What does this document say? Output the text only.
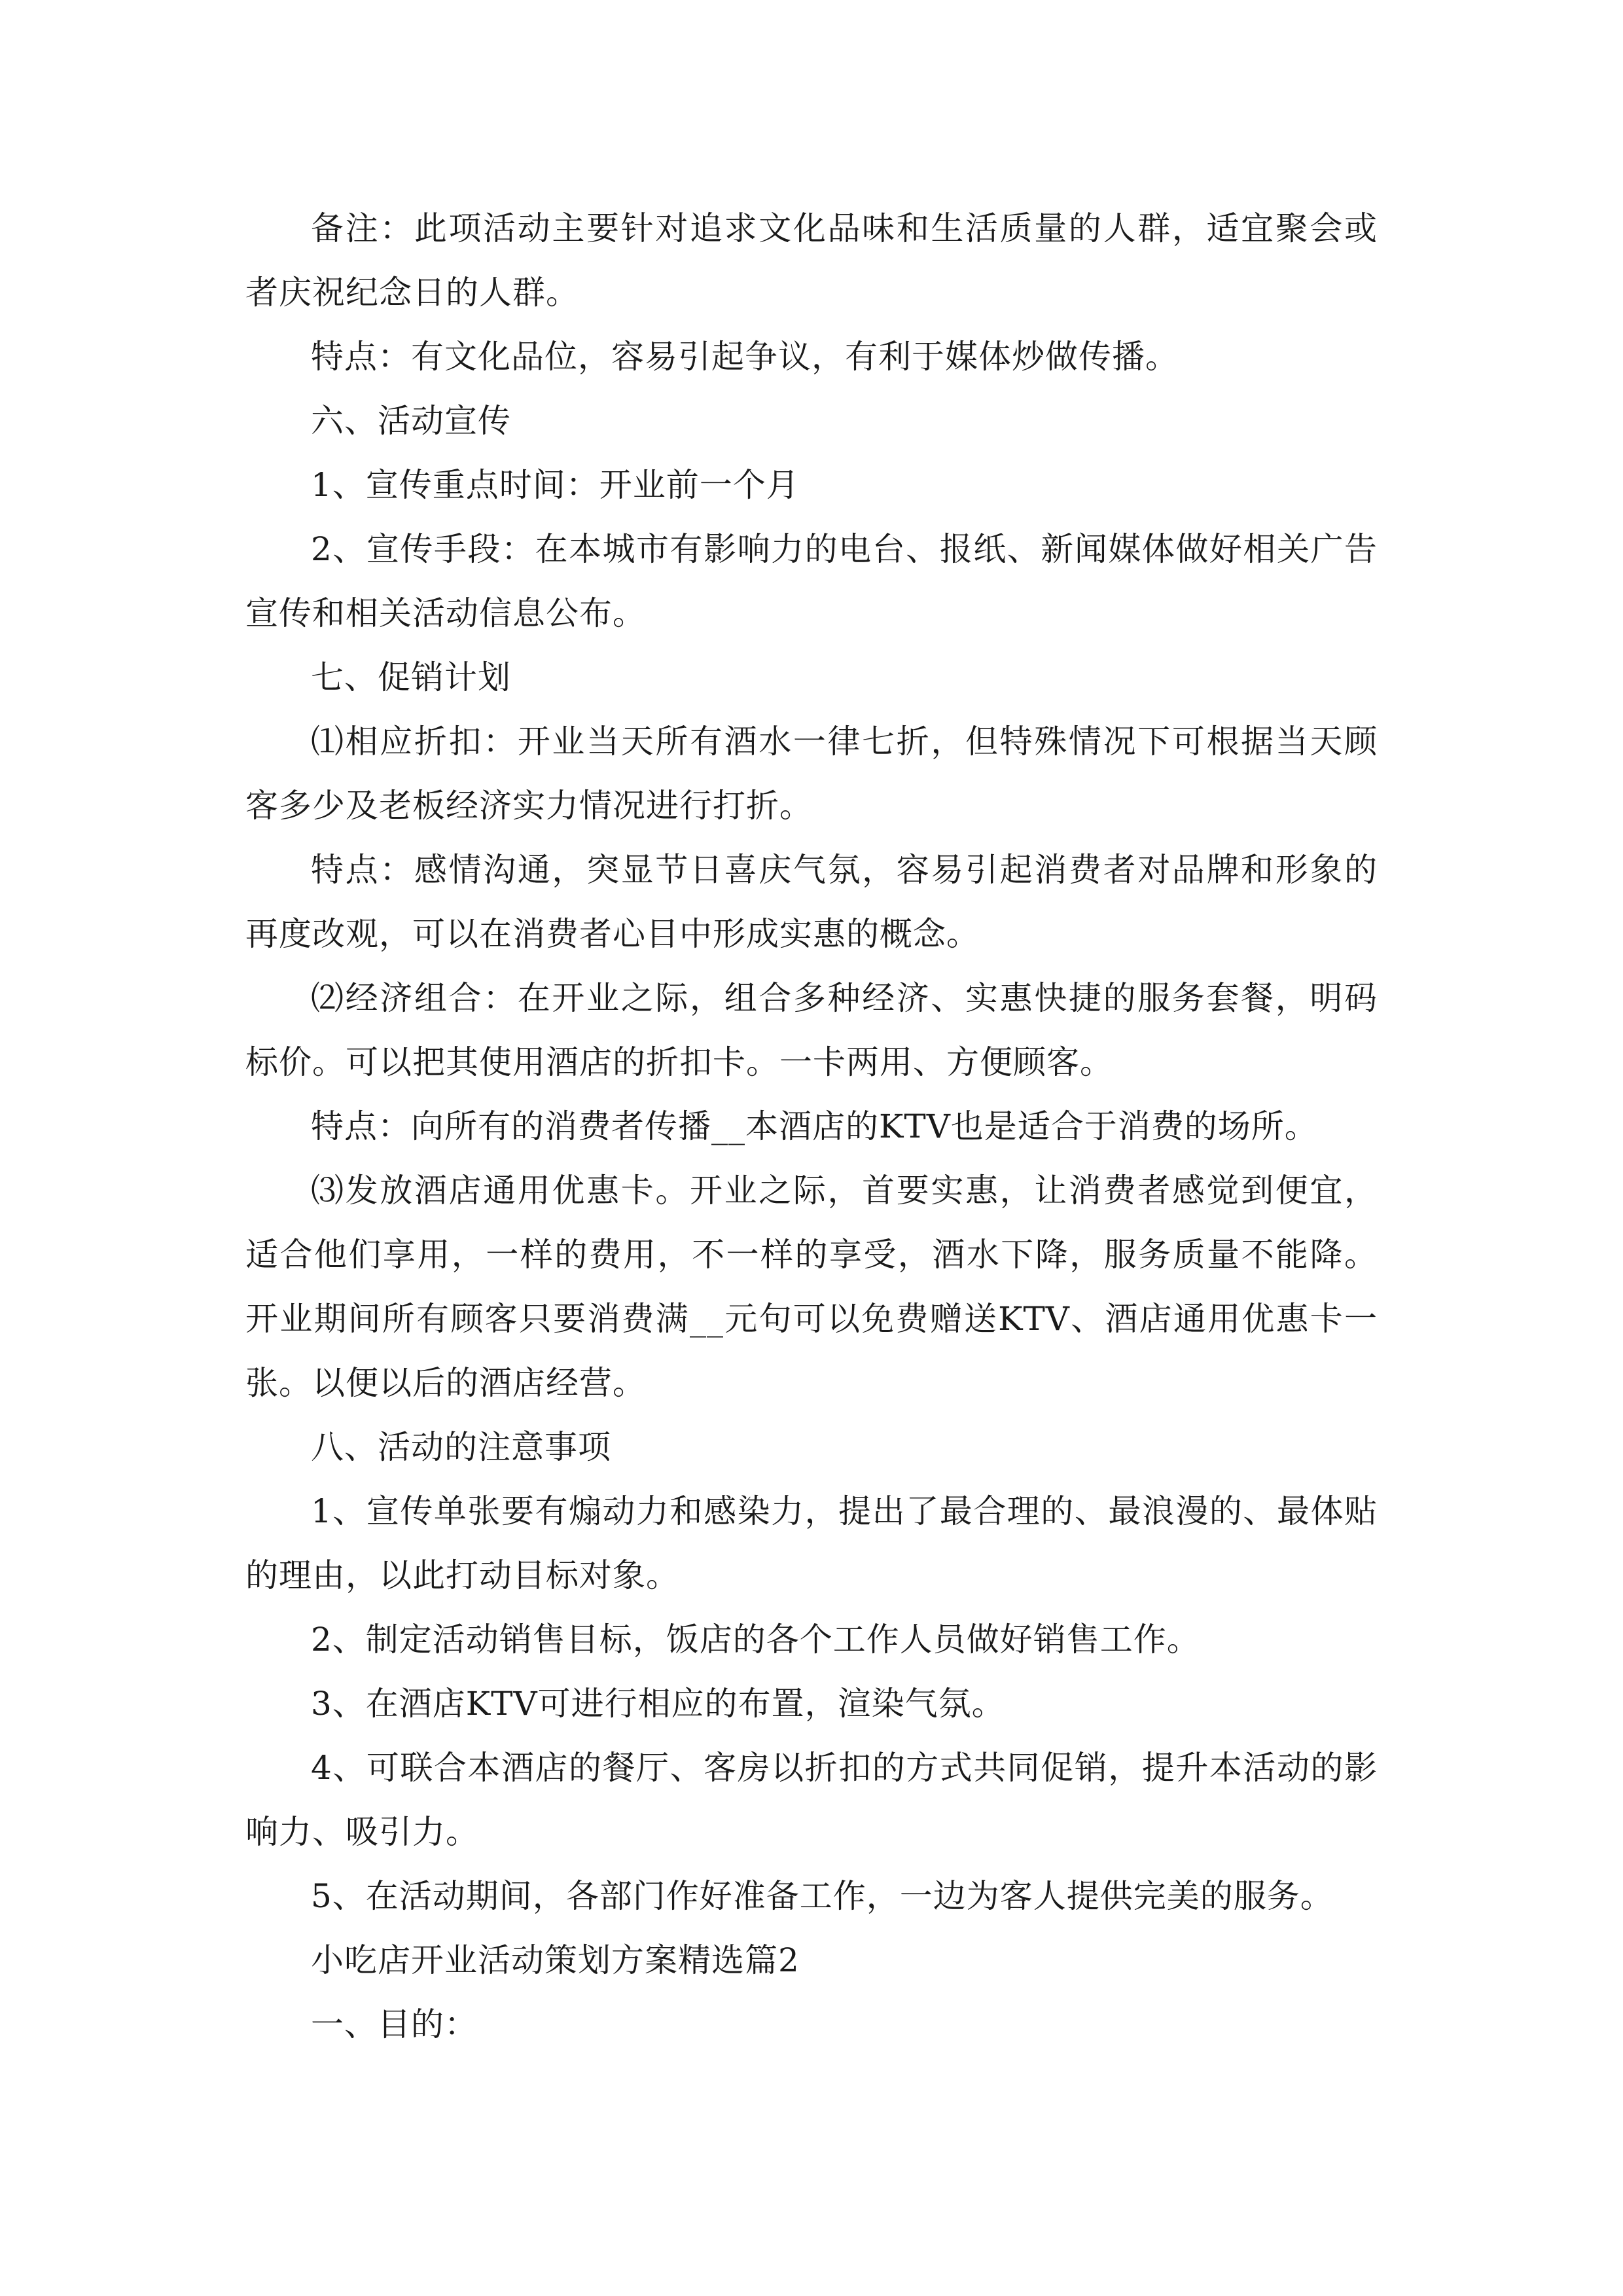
备注：此项活动主要针对追求文化品味和生活质量的人群，适宜聚会或者庆祝纪念日的人群。

特点：有文化品位，容易引起争议，有利于媒体炒做传播。

六、活动宣传

1、宣传重点时间：开业前一个月

2、宣传手段：在本城市有影响力的电台、报纸、新闻媒体做好相关广告宣传和相关活动信息公布。

七、促销计划

⑴相应折扣：开业当天所有酒水一律七折，但特殊情况下可根据当天顾客多少及老板经济实力情况进行打折。

特点：感情沟通，突显节日喜庆气氛，容易引起消费者对品牌和形象的再度改观，可以在消费者心目中形成实惠的概念。

⑵经济组合：在开业之际，组合多种经济、实惠快捷的服务套餐，明码标价。可以把其使用酒店的折扣卡。一卡两用、方便顾客。

特点：向所有的消费者传播__本酒店的KTV也是适合于消费的场所。

⑶发放酒店通用优惠卡。开业之际，首要实惠，让消费者感觉到便宜，适合他们享用，一样的费用，不一样的享受，酒水下降，服务质量不能降。开业期间所有顾客只要消费满__元句可以免费赠送KTV、酒店通用优惠卡一张。以便以后的酒店经营。

八、活动的注意事项

1、宣传单张要有煽动力和感染力，提出了最合理的、最浪漫的、最体贴的理由，以此打动目标对象。

2、制定活动销售目标，饭店的各个工作人员做好销售工作。

3、在酒店KTV可进行相应的布置，渲染气氛。

4、可联合本酒店的餐厅、客房以折扣的方式共同促销，提升本活动的影响力、吸引力。

5、在活动期间，各部门作好准备工作，一边为客人提供完美的服务。

小吃店开业活动策划方案精选篇2

一、目的：
